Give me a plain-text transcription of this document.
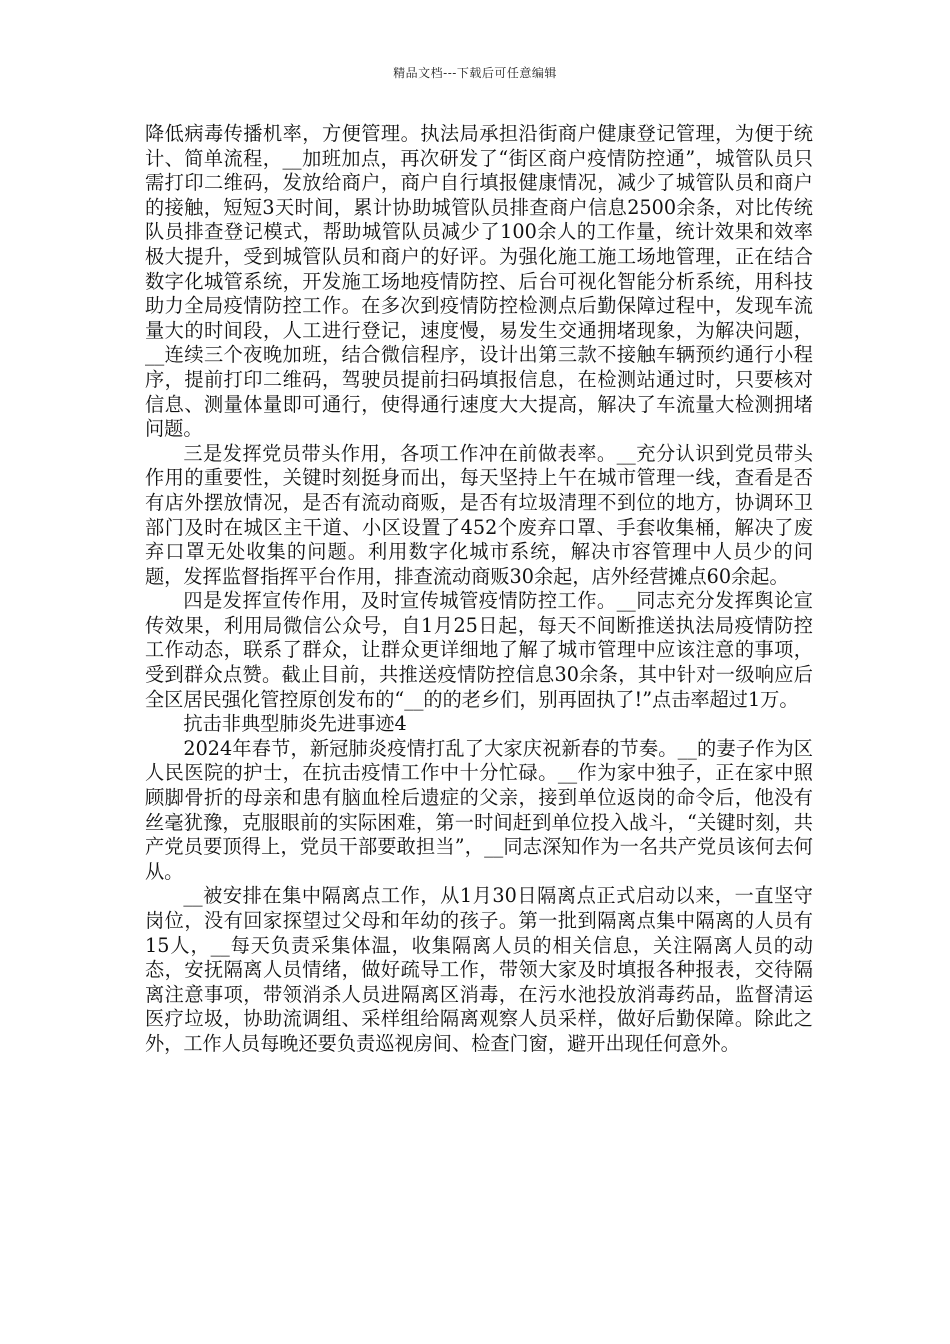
精品文档---下载后可任意编辑

降低病毒传播机率，方便管理。执法局承担沿街商户健康登记管理，为便于统计、简单流程，__加班加点，再次研发了“街区商户疫情防控通”，城管队员只需打印二维码，发放给商户，商户自行填报健康情况，减少了城管队员和商户的接触，短短3天时间，累计协助城管队员排查商户信息2500余条，对比传统队员排查登记模式，帮助城管队员减少了100余人的工作量，统计效果和效率极大提升，受到城管队员和商户的好评。为强化施工施工场地管理，正在结合数字化城管系统，开发施工场地疫情防控、后台可视化智能分析系统，用科技助力全局疫情防控工作。在多次到疫情防控检测点后勤保障过程中，发现车流量大的时间段，人工进行登记，速度慢，易发生交通拥堵现象，为解决问题，__连续三个夜晚加班，结合微信程序，设计出第三款不接触车辆预约通行小程序，提前打印二维码，驾驶员提前扫码填报信息，在检测站通过时，只要核对信息、测量体量即可通行，使得通行速度大大提高，解决了车流量大检测拥堵问题。

三是发挥党员带头作用，各项工作冲在前做表率。__充分认识到党员带头作用的重要性，关键时刻挺身而出，每天坚持上午在城市管理一线，查看是否有店外摆放情况，是否有流动商贩，是否有垃圾清理不到位的地方，协调环卫部门及时在城区主干道、小区设置了452个废弃口罩、手套收集桶，解决了废弃口罩无处收集的问题。利用数字化城市系统，解决市容管理中人员少的问题，发挥监督指挥平台作用，排查流动商贩30余起，店外经营摊点60余起。

四是发挥宣传作用，及时宣传城管疫情防控工作。__同志充分发挥舆论宣传效果，利用局微信公众号，自1月25日起，每天不间断推送执法局疫情防控工作动态，联系了群众，让群众更详细地了解了城市管理中应该注意的事项，受到群众点赞。截止目前，共推送疫情防控信息30余条，其中针对一级响应后全区居民强化管控原创发布的“__的的老乡们，别再固执了!”点击率超过1万。

抗击非典型肺炎先进事迹4

2024年春节，新冠肺炎疫情打乱了大家庆祝新春的节奏。__的妻子作为区人民医院的护士，在抗击疫情工作中十分忙碌。__作为家中独子，正在家中照顾脚骨折的母亲和患有脑血栓后遗症的父亲，接到单位返岗的命令后，他没有丝毫犹豫，克服眼前的实际困难，第一时间赶到单位投入战斗，“关键时刻，共产党员要顶得上，党员干部要敢担当”，__同志深知作为一名共产党员该何去何从。

__被安排在集中隔离点工作，从1月30日隔离点正式启动以来，一直坚守岗位，没有回家探望过父母和年幼的孩子。第一批到隔离点集中隔离的人员有15人，__每天负责采集体温，收集隔离人员的相关信息，关注隔离人员的动态，安抚隔离人员情绪，做好疏导工作，带领大家及时填报各种报表，交待隔离注意事项，带领消杀人员进隔离区消毒，在污水池投放消毒药品，监督清运医疗垃圾，协助流调组、采样组给隔离观察人员采样，做好后勤保障。除此之外，工作人员每晚还要负责巡视房间、检查门窗，避开出现任何意外。
